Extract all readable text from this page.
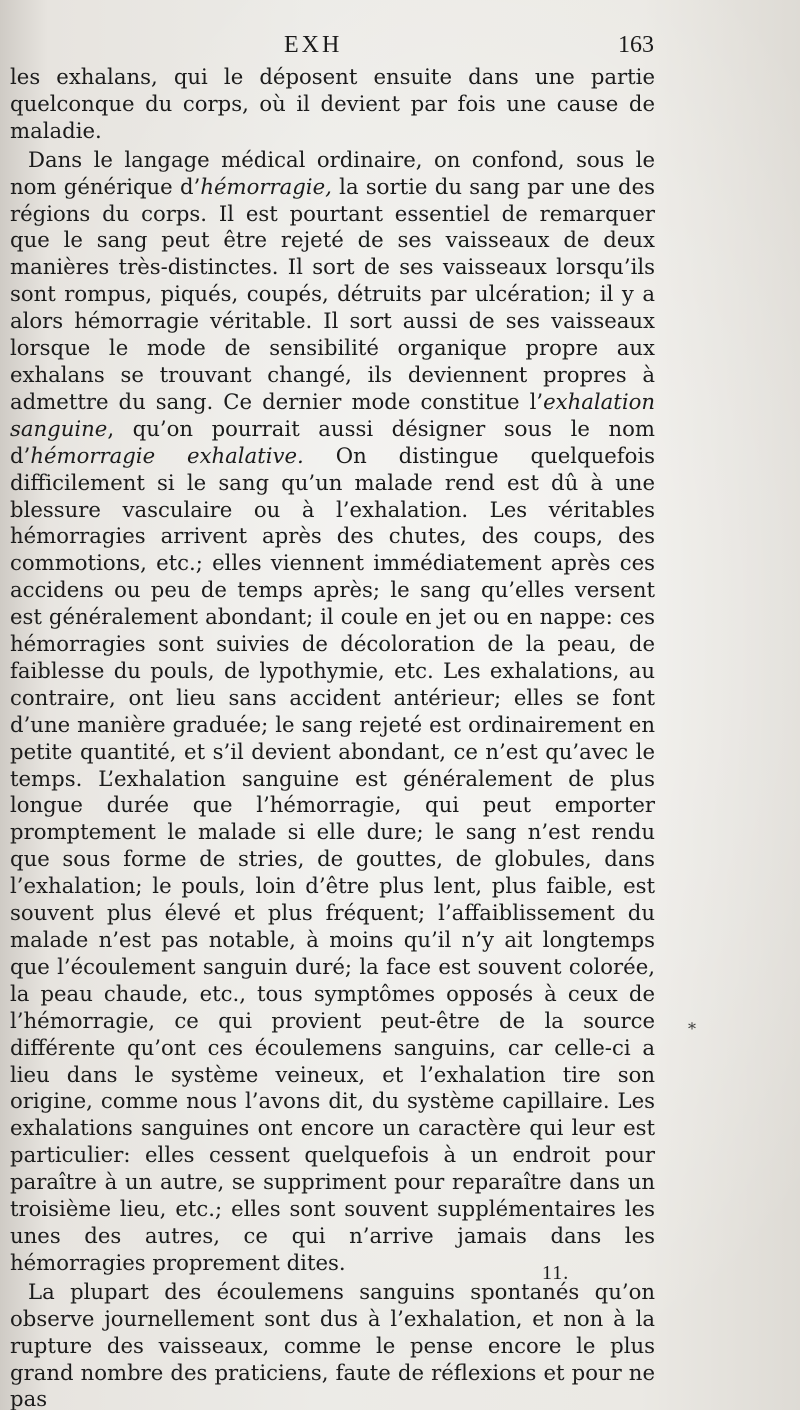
EXH	163

les exhalans, qui le déposent ensuite dans une partie quelconque du corps, où il devient par fois une cause de maladie.

Dans le langage médical ordinaire, on confond, sous le nom générique d’hémorragie, la sortie du sang par une des régions du corps. Il est pourtant essentiel de remarquer que le sang peut être rejeté de ses vaisseaux de deux manières très-distinctes. Il sort de ses vaisseaux lorsqu’ils sont rompus, piqués, coupés, détruits par ulcération; il y a alors hémorragie véritable. Il sort aussi de ses vaisseaux lorsque le mode de sensibilité organique propre aux exhalans se trouvant changé, ils deviennent propres à admettre du sang. Ce dernier mode constitue l’exhalation sanguine, qu’on pourrait aussi désigner sous le nom d’hémorragie exhalative. On distingue quelquefois difficilement si le sang qu’un malade rend est dû à une blessure vasculaire ou à l’exhalation. Les véritables hémorragies arrivent après des chutes, des coups, des commotions, etc.; elles viennent immédiatement après ces accidens ou peu de temps après; le sang qu’elles versent est généralement abondant; il coule en jet ou en nappe: ces hémorragies sont suivies de décoloration de la peau, de faiblesse du pouls, de lypothymie, etc. Les exhalations, au contraire, ont lieu sans accident antérieur; elles se font d’une manière graduée; le sang rejeté est ordinairement en petite quantité, et s’il devient abondant, ce n’est qu’avec le temps. L’exhalation sanguine est généralement de plus longue durée que l’hémorragie, qui peut emporter promptement le malade si elle dure; le sang n’est rendu que sous forme de stries, de gouttes, de globules, dans l’exhalation; le pouls, loin d’être plus lent, plus faible, est souvent plus élevé et plus fréquent; l’affaiblissement du malade n’est pas notable, à moins qu’il n’y ait longtemps que l’écoulement sanguin duré; la face est souvent colorée, la peau chaude, etc., tous symptômes opposés à ceux de l’hémorragie, ce qui provient peut-être de la source différente qu’ont ces écoulemens sanguins, car celle-ci a lieu dans le système veineux, et l’exhalation tire son origine, comme nous l’avons dit, du système capillaire. Les exhalations sanguines ont encore un caractère qui leur est particulier: elles cessent quelquefois à un endroit pour paraître à un autre, se suppriment pour reparaître dans un troisième lieu, etc.; elles sont souvent supplémentaires les unes des autres, ce qui n’arrive jamais dans les hémorragies proprement dites.

La plupart des écoulemens sanguins spontanés qu’on observe journellement sont dus à l’exhalation, et non à la rupture des vaisseaux, comme le pense encore le plus grand nombre des praticiens, faute de réflexions et pour ne pas

⁎
11.
